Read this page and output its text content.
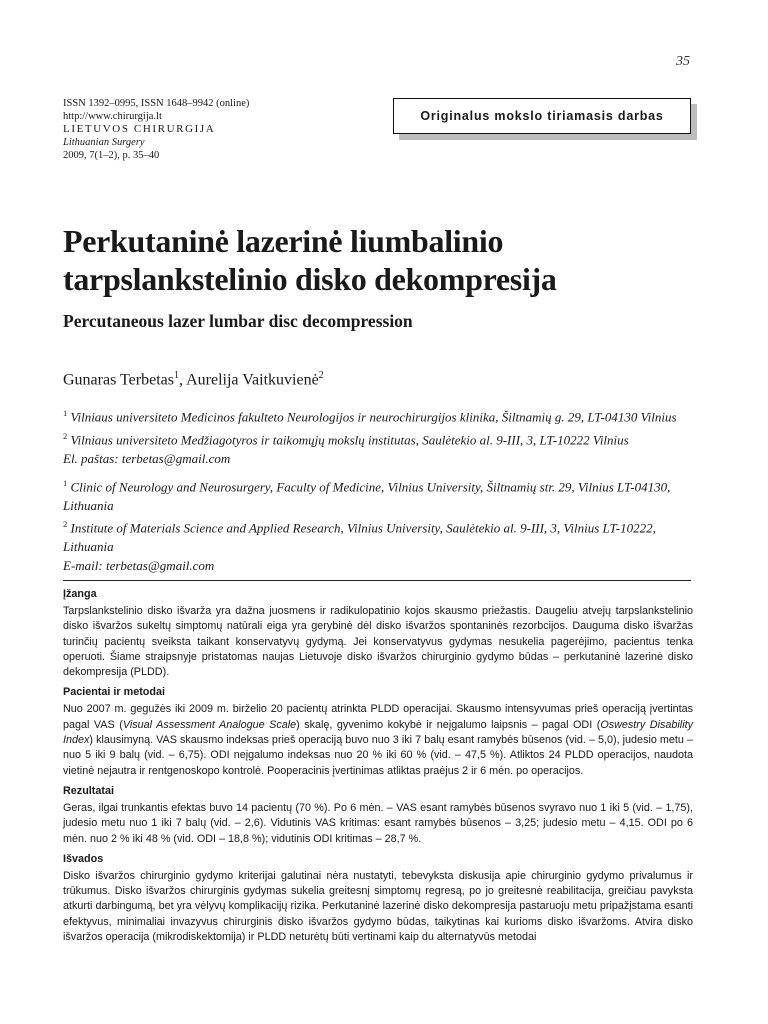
35
ISSN 1392–0995, ISSN 1648–9942 (online)
http://www.chirurgija.lt
LIETUVOS CHIRURGIJA
Lithuanian Surgery
2009, 7(1–2), p. 35–40
Originalus mokslo tiriamasis darbas
Perkutaninė lazerinė liumbalinio tarpslankstelinio disko dekompresija
Percutaneous lazer lumbar disc decompression
Gunaras Terbetas$^1$, Aurelija Vaitkuvienė$^2$
$^1$ Vilniaus universiteto Medicinos fakulteto Neurologijos ir neurochirurgijos klinika, Šiltnamių g. 29, LT-04130 Vilnius
$^2$ Vilniaus universiteto Medžiagotyros ir taikomųjų mokslų institutas, Saulėtekio al. 9-III, 3, LT-10222 Vilnius
El. paštas: terbetas@gmail.com
$^1$ Clinic of Neurology and Neurosurgery, Faculty of Medicine, Vilnius University, Šiltnamių str. 29, Vilnius LT-04130, Lithuania
$^2$ Institute of Materials Science and Applied Research, Vilnius University, Saulėtekio al. 9-III, 3, Vilnius LT-10222, Lithuania
E-mail: terbetas@gmail.com
Įžanga

Tarpslankstelinio disko išvarža yra dažna juosmens ir radikulopatinio kojos skausmo priežastis. Daugeliu atvejų tarpslankstelinio disko išvaržos sukeltų simptomų natūrali eiga yra gerybinė dėl disko išvaržos spontaninės rezorbcijos. Dauguma disko išvaržas turinčių pacientų sveiksta taikant konservatyvų gydymą. Jei konservatyvus gydymas nesukelia pagerėjimo, pacientus tenka operuoti. Šiame straipsnyje pristatomas naujas Lietuvoje disko išvaržos chirurginio gydymo būdas – perkutaninė lazerinė disko dekompresija (PLDD).

Pacientai ir metodai

Nuo 2007 m. gegužės iki 2009 m. birželio 20 pacientų atrinkta PLDD operacijai. Skausmo intensyvumas prieš operaciją įvertintas pagal VAS (Visual Assessment Analogue Scale) skalę, gyvenimo kokybė ir neįgalumo laipsnis – pagal ODI (Oswestry Disability Index) klausimyną. VAS skausmo indeksas prieš operaciją buvo nuo 3 iki 7 balų esant ramybės būsenos (vid. – 5,0), judesio metu – nuo 5 iki 9 balų (vid. – 6,75). ODI neįgalumo indeksas nuo 20 % iki 60 % (vid. – 47,5 %). Atliktos 24 PLDD operacijos, naudota vietinė nejautra ir rentgenoskopo kontrolė. Pooperacinis įvertinimas atliktas praėjus 2 ir 6 mėn. po operacijos.

Rezultatai

Geras, ilgai trunkantis efektas buvo 14 pacientų (70 %). Po 6 mėn. – VAS esant ramybės būsenos svyravo nuo 1 iki 5 (vid. – 1,75), judesio metu nuo 1 iki 7 balų (vid. – 2,6). Vidutinis VAS kritimas: esant ramybės būsenos – 3,25; judesio metu – 4,15. ODI po 6 mėn. nuo 2 % iki 48 % (vid. ODI – 18,8 %); vidutinis ODI kritimas – 28,7 %.

Išvados

Disko išvaržos chirurginio gydymo kriterijai galutinai nėra nustatyti, tebevyksta diskusija apie chirurginio gydymo privalumus ir trūkumus. Disko išvaržos chirurginis gydymas sukelia greitesnį simptomų regresą, po jo greitesnė reabilitacija, greičiau pavyksta atkurti darbingumą, bet yra vėlyvų komplikacijų rizika. Perkutaninė lazerinė disko dekompresija pastaruoju metu pripažįstama esanti efektyvus, minimaliai invazyvus chirurginis disko išvaržos gydymo būdas, taikytinas kai kurioms disko išvaržoms. Atvira disko išvaržos operacija (mikrodiskektomija) ir PLDD neturėtų būti vertinami kaip du alternatyvūs metodai
